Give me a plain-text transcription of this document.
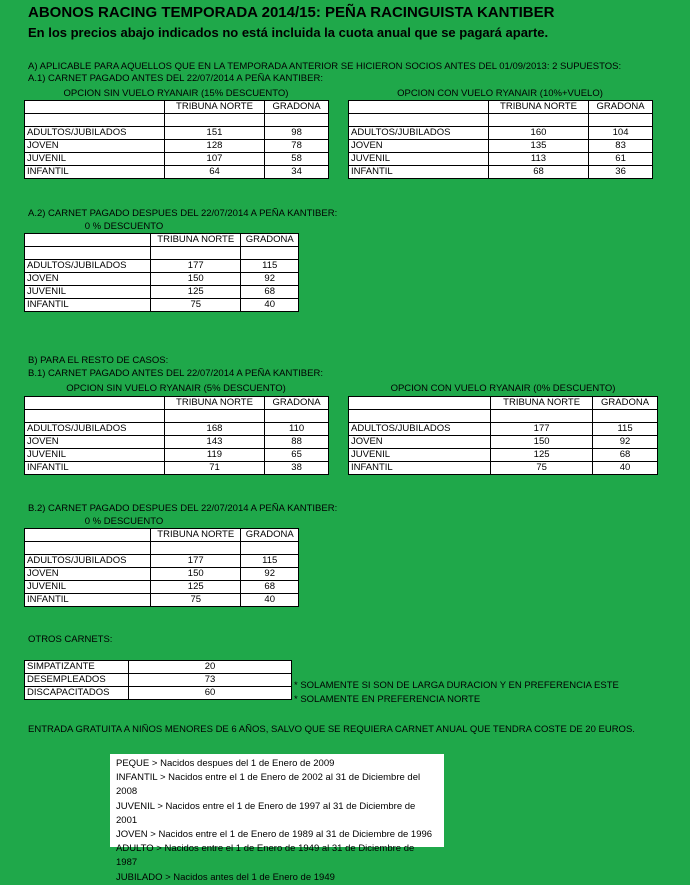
ABONOS RACING TEMPORADA 2014/15: PEÑA RACINGUISTA KANTIBER
En los precios abajo indicados no está incluida la cuota anual que se pagará aparte.
A) APLICABLE PARA AQUELLOS QUE EN LA TEMPORADA ANTERIOR SE HICIERON SOCIOS ANTES DEL 01/09/2013: 2 SUPUESTOS:
A.1) CARNET PAGADO ANTES DEL 22/07/2014 A PEÑA KANTIBER:
OPCION SIN VUELO RYANAIR (15% DESCUENTO)	OPCION CON VUELO RYANAIR (10%+VUELO)
	TRIBUNA NORTE	GRADONA

ADULTOS/JUBILADOS	151	98
JOVEN	128	78
JUVENIL	107	58
INFANTIL	64	34
	TRIBUNA NORTE	GRADONA

ADULTOS/JUBILADOS	160	104
JOVEN	135	83
JUVENIL	113	61
INFANTIL	68	36
A.2) CARNET PAGADO DESPUES DEL 22/07/2014 A PEÑA KANTIBER:
0 % DESCUENTO
	TRIBUNA NORTE	GRADONA

ADULTOS/JUBILADOS	177	115
JOVEN	150	92
JUVENIL	125	68
INFANTIL	75	40
B) PARA EL RESTO DE CASOS:
B.1) CARNET PAGADO ANTES DEL 22/07/2014 A PEÑA KANTIBER:
OPCION SIN VUELO RYANAIR (5% DESCUENTO)	OPCION CON VUELO RYANAIR (0% DESCUENTO)
	TRIBUNA NORTE	GRADONA

ADULTOS/JUBILADOS	168	110
JOVEN	143	88
JUVENIL	119	65
INFANTIL	71	38
	TRIBUNA NORTE	GRADONA

ADULTOS/JUBILADOS	177	115
JOVEN	150	92
JUVENIL	125	68
INFANTIL	75	40
B.2) CARNET PAGADO DESPUES DEL 22/07/2014 A PEÑA KANTIBER:
0 % DESCUENTO
	TRIBUNA NORTE	GRADONA

ADULTOS/JUBILADOS	177	115
JOVEN	150	92
JUVENIL	125	68
INFANTIL	75	40
OTROS CARNETS:
SIMPATIZANTE	20
DESEMPLEADOS	73
DISCAPACITADOS	60
* SOLAMENTE SI SON DE LARGA DURACION Y EN PREFERENCIA ESTE
* SOLAMENTE EN PREFERENCIA NORTE
ENTRADA GRATUITA A NIÑOS MENORES DE 6 AÑOS, SALVO QUE SE REQUIERA CARNET ANUAL QUE TENDRA COSTE DE 20 EUROS.
PEQUE > Nacidos despues del 1 de Enero de 2009
INFANTIL > Nacidos entre el 1 de Enero de 2002 al 31 de Diciembre del 2008
JUVENIL > Nacidos entre el 1 de Enero de 1997 al 31 de Diciembre de 2001
JOVEN > Nacidos entre el 1 de Enero de 1989 al 31 de Diciembre de 1996
ADULTO > Nacidos entre el 1 de Enero de 1949 al 31 de Diciembre de 1987
JUBILADO > Nacidos antes del 1 de Enero de 1949
